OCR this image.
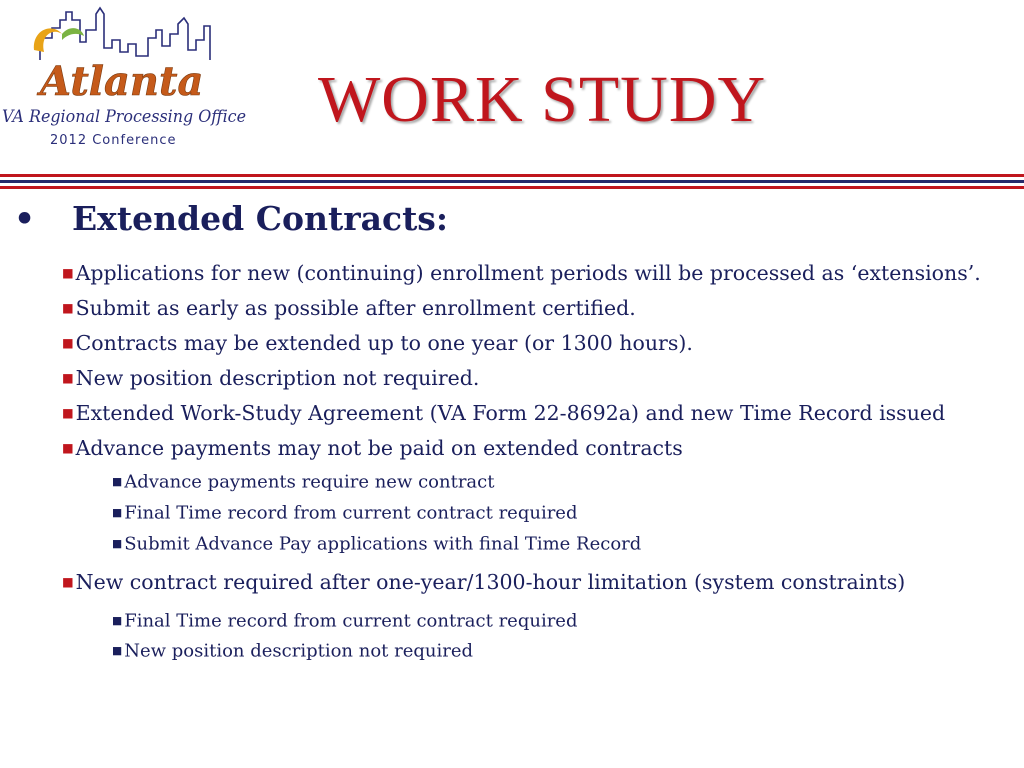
Atlanta
VA Regional Processing Office
2012 Conference
WORK STUDY

• Extended Contracts:

■Applications for new (continuing) enrollment periods will be processed as ‘extensions’.
■Submit as early as possible after enrollment certified.
■Contracts may be extended up to one year (or 1300 hours).
■New position description not required.
■Extended Work-Study Agreement (VA Form 22-8692a) and new Time Record issued
■Advance payments may not be paid on extended contracts
■ Advance payments require new contract
■ Final Time record from current contract required
■ Submit Advance Pay applications with final Time Record
■New contract required after one-year/1300-hour limitation (system constraints)
■ Final Time record from current contract required
■ New position description not required
